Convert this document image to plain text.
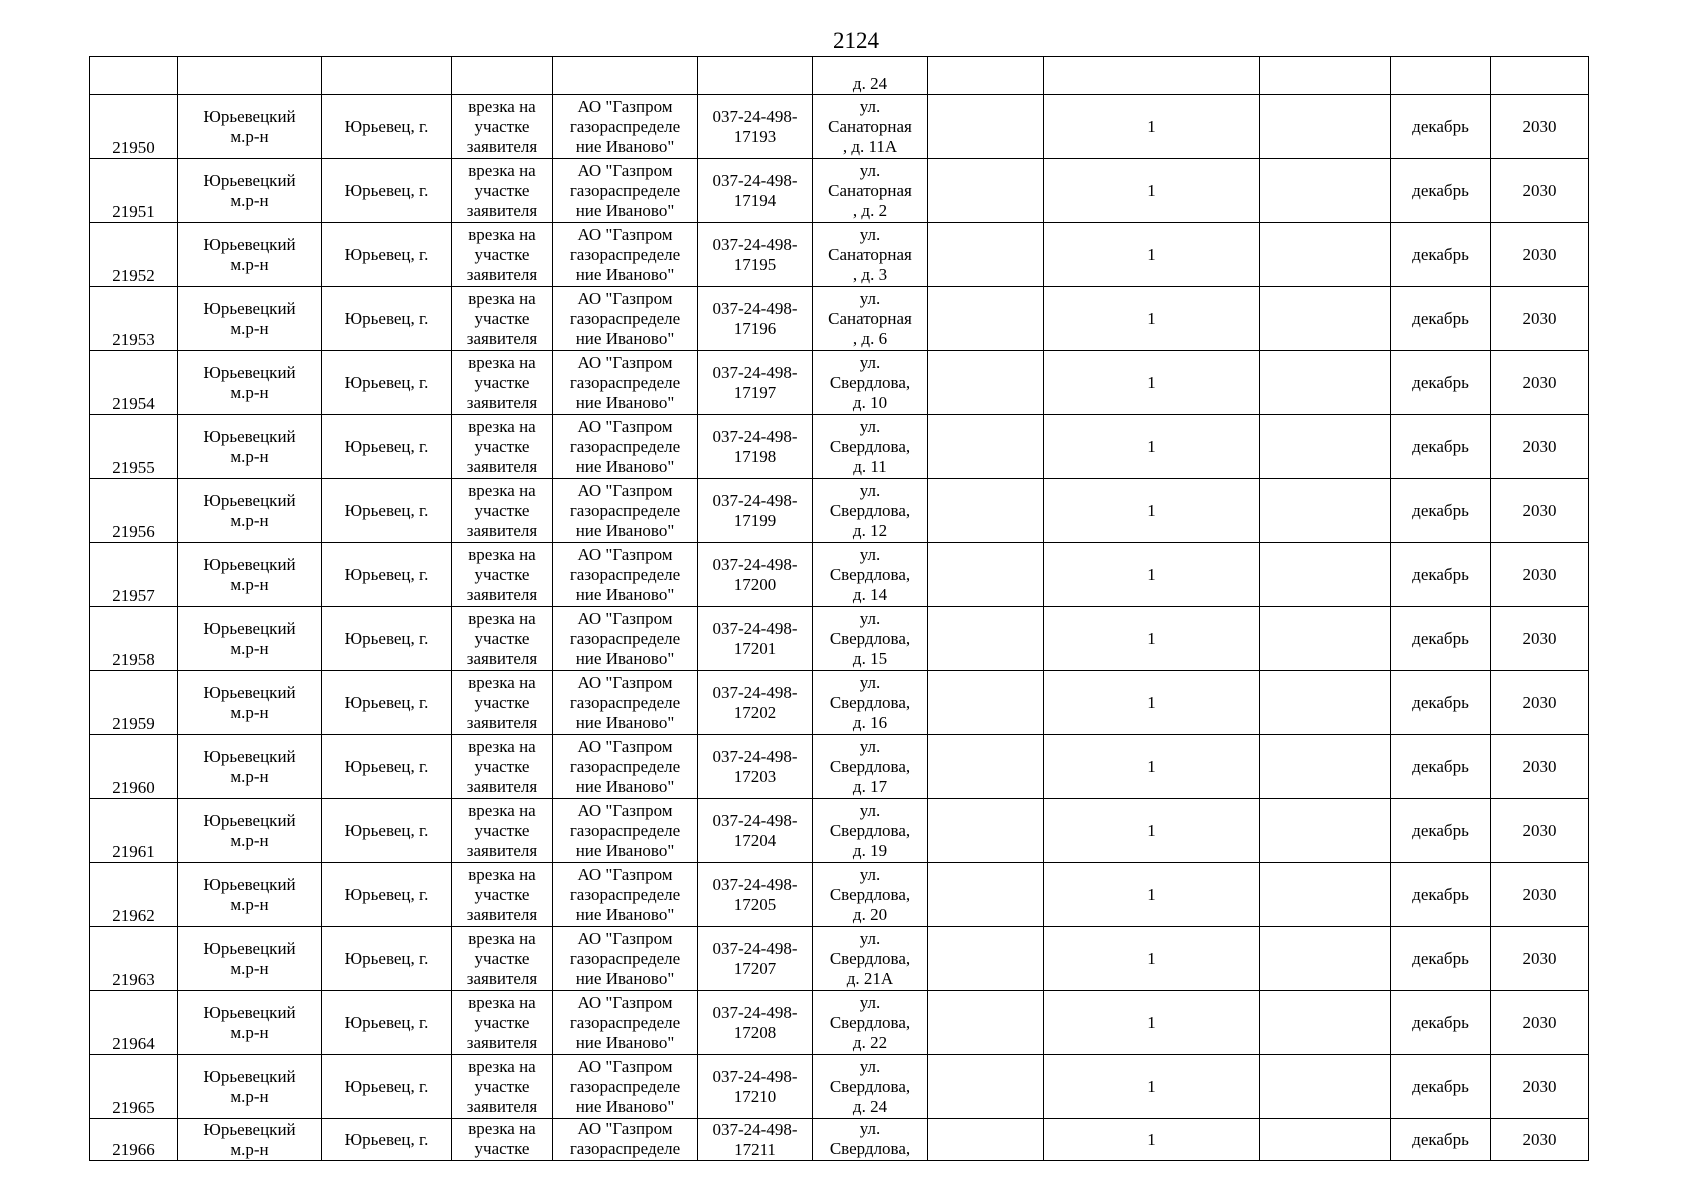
2124
						д. 24					
21950	Юрьевецкий
м.р-н	Юрьевец, г.	врезка на
участке
заявителя	АО "Газпром
газораспределе
ние Иваново"	037-24-498-
17193	ул.
Санаторная
, д. 11А		1		декабрь	2030
21951	Юрьевецкий
м.р-н	Юрьевец, г.	врезка на
участке
заявителя	АО "Газпром
газораспределе
ние Иваново"	037-24-498-
17194	ул.
Санаторная
, д. 2		1		декабрь	2030
21952	Юрьевецкий
м.р-н	Юрьевец, г.	врезка на
участке
заявителя	АО "Газпром
газораспределе
ние Иваново"	037-24-498-
17195	ул.
Санаторная
, д. 3		1		декабрь	2030
21953	Юрьевецкий
м.р-н	Юрьевец, г.	врезка на
участке
заявителя	АО "Газпром
газораспределе
ние Иваново"	037-24-498-
17196	ул.
Санаторная
, д. 6		1		декабрь	2030
21954	Юрьевецкий
м.р-н	Юрьевец, г.	врезка на
участке
заявителя	АО "Газпром
газораспределе
ние Иваново"	037-24-498-
17197	ул.
Свердлова,
д. 10		1		декабрь	2030
21955	Юрьевецкий
м.р-н	Юрьевец, г.	врезка на
участке
заявителя	АО "Газпром
газораспределе
ние Иваново"	037-24-498-
17198	ул.
Свердлова,
д. 11		1		декабрь	2030
21956	Юрьевецкий
м.р-н	Юрьевец, г.	врезка на
участке
заявителя	АО "Газпром
газораспределе
ние Иваново"	037-24-498-
17199	ул.
Свердлова,
д. 12		1		декабрь	2030
21957	Юрьевецкий
м.р-н	Юрьевец, г.	врезка на
участке
заявителя	АО "Газпром
газораспределе
ние Иваново"	037-24-498-
17200	ул.
Свердлова,
д. 14		1		декабрь	2030
21958	Юрьевецкий
м.р-н	Юрьевец, г.	врезка на
участке
заявителя	АО "Газпром
газораспределе
ние Иваново"	037-24-498-
17201	ул.
Свердлова,
д. 15		1		декабрь	2030
21959	Юрьевецкий
м.р-н	Юрьевец, г.	врезка на
участке
заявителя	АО "Газпром
газораспределе
ние Иваново"	037-24-498-
17202	ул.
Свердлова,
д. 16		1		декабрь	2030
21960	Юрьевецкий
м.р-н	Юрьевец, г.	врезка на
участке
заявителя	АО "Газпром
газораспределе
ние Иваново"	037-24-498-
17203	ул.
Свердлова,
д. 17		1		декабрь	2030
21961	Юрьевецкий
м.р-н	Юрьевец, г.	врезка на
участке
заявителя	АО "Газпром
газораспределе
ние Иваново"	037-24-498-
17204	ул.
Свердлова,
д. 19		1		декабрь	2030
21962	Юрьевецкий
м.р-н	Юрьевец, г.	врезка на
участке
заявителя	АО "Газпром
газораспределе
ние Иваново"	037-24-498-
17205	ул.
Свердлова,
д. 20		1		декабрь	2030
21963	Юрьевецкий
м.р-н	Юрьевец, г.	врезка на
участке
заявителя	АО "Газпром
газораспределе
ние Иваново"	037-24-498-
17207	ул.
Свердлова,
д. 21А		1		декабрь	2030
21964	Юрьевецкий
м.р-н	Юрьевец, г.	врезка на
участке
заявителя	АО "Газпром
газораспределе
ние Иваново"	037-24-498-
17208	ул.
Свердлова,
д. 22		1		декабрь	2030
21965	Юрьевецкий
м.р-н	Юрьевец, г.	врезка на
участке
заявителя	АО "Газпром
газораспределе
ние Иваново"	037-24-498-
17210	ул.
Свердлова,
д. 24		1		декабрь	2030
21966	Юрьевецкий
м.р-н	Юрьевец, г.	врезка на
участке	АО "Газпром
газораспределе	037-24-498-
17211	ул.
Свердлова,		1		декабрь	2030
